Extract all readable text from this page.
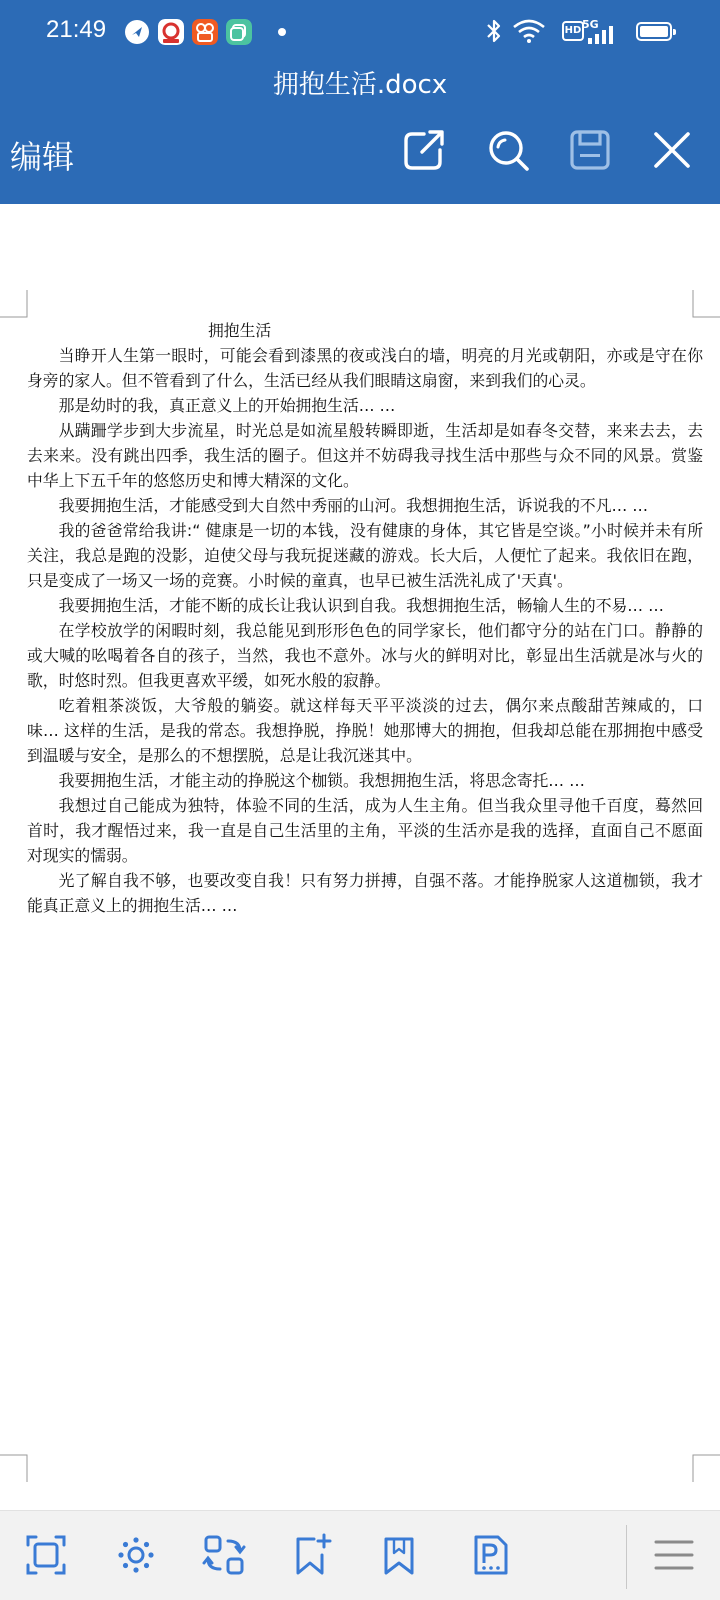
21:49	HD 5G
拥抱生活.docx
编辑
拥抱生活

当睁开人生第一眼时，可能会看到漆黑的夜或浅白的墙，明亮的月光或朝阳，亦或是守在你身旁的家人。但不管看到了什么，生活已经从我们眼睛这扇窗，来到我们的心灵。

那是幼时的我，真正意义上的开始拥抱生活… …

从蹒跚学步到大步流星，时光总是如流星般转瞬即逝，生活却是如春冬交替，来来去去，去去来来。没有跳出四季，我生活的圈子。但这并不妨碍我寻找生活中那些与众不同的风景。赏鉴中华上下五千年的悠悠历史和博大精深的文化。

我要拥抱生活，才能感受到大自然中秀丽的山河。我想拥抱生活，诉说我的不凡… …

我的爸爸常给我讲:“ 健康是一切的本钱，没有健康的身体，其它皆是空谈。”小时候并未有所关注，我总是跑的没影，迫使父母与我玩捉迷藏的游戏。长大后，人便忙了起来。我依旧在跑，只是变成了一场又一场的竞赛。小时候的童真，也早已被生活洗礼成了'天真'。

我要拥抱生活，才能不断的成长让我认识到自我。我想拥抱生活，畅输人生的不易… …

在学校放学的闲暇时刻，我总能见到形形色色的同学家长，他们都守分的站在门口。静静的或大喊的吆喝着各自的孩子，当然，我也不意外。冰与火的鲜明对比，彰显出生活就是冰与火的歌，时悠时烈。但我更喜欢平缓，如死水般的寂静。

吃着粗茶淡饭，大爷般的躺姿。就这样每天平平淡淡的过去，偶尔来点酸甜苦辣咸的，口味… 这样的生活，是我的常态。我想挣脱，挣脱！她那博大的拥抱，但我却总能在那拥抱中感受到温暖与安全，是那么的不想摆脱，总是让我沉迷其中。

我要拥抱生活，才能主动的挣脱这个枷锁。我想拥抱生活，将思念寄托… …

我想过自己能成为独特，体验不同的生活，成为人生主角。但当我众里寻他千百度，蓦然回首时，我才醒悟过来，我一直是自己生活里的主角，平淡的生活亦是我的选择，直面自己不愿面对现实的懦弱。

光了解自我不够，也要改变自我！只有努力拼搏，自强不落。才能挣脱家人这道枷锁，我才能真正意义上的拥抱生活… …
